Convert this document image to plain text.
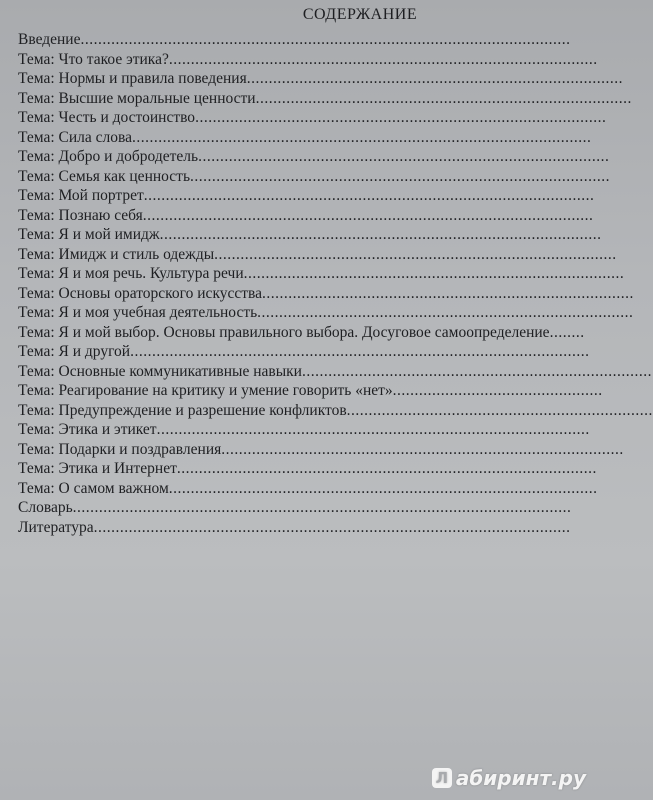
СОДЕРЖАНИЕ
Введение................................................................................................................
Тема: Что такое этика?..................................................................................................
Тема: Нормы и правила поведения......................................................................................
Тема: Высшие моральные ценности......................................................................................
Тема: Честь и достоинство..............................................................................................
Тема: Сила слова.........................................................................................................
Тема: Добро и добродетель..............................................................................................
Тема: Семья как ценность................................................................................................
Тема: Мой портрет.......................................................................................................
Тема: Познаю себя.......................................................................................................
Тема: Я и мой имидж.....................................................................................................
Тема: Имидж и стиль одежды............................................................................................
Тема: Я и моя речь. Культура речи.......................................................................................
Тема: Основы ораторского искусства.....................................................................................
Тема: Я и моя учебная деятельность......................................................................................
Тема: Я и мой выбор. Основы правильного выбора. Досуговое самоопределение........
Тема: Я и другой.........................................................................................................
Тема: Основные коммуникативные навыки................................................................................
Тема: Реагирование на критику и умение говорить «нет»................................................
Тема: Предупреждение и разрешение конфликтов......................................................................
Тема: Этика и этикет...................................................................................................
Тема: Подарки и поздравления............................................................................................
Тема: Этика и Интернет................................................................................................
Тема: О самом важном..................................................................................................
Словарь..................................................................................................................
Литература.............................................................................................................
Л абиринт.ру
